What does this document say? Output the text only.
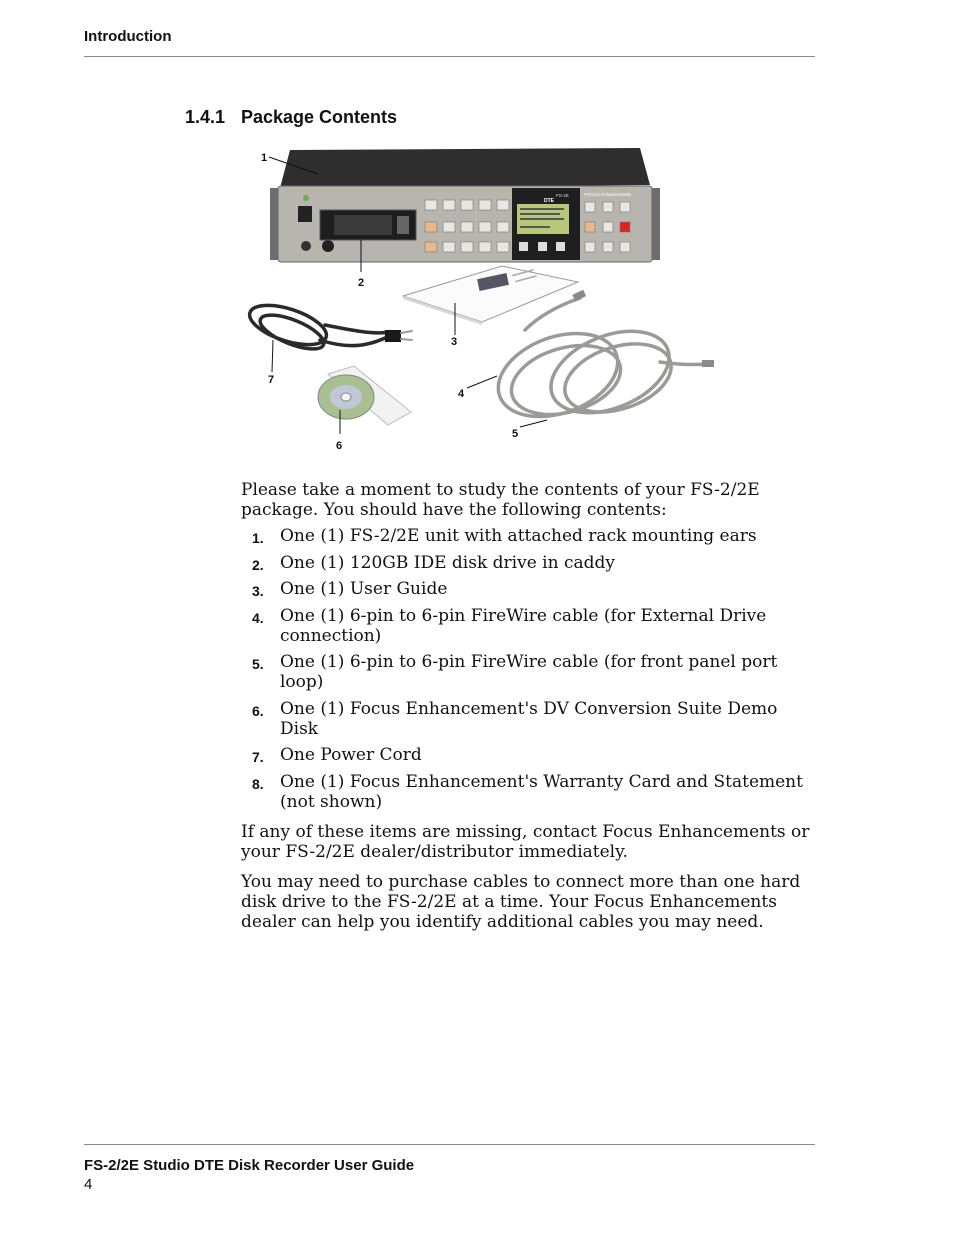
Introduction
1.4.1 Package Contents
FS-2E
DTE
FOCUS Enhancements
1
2
3
4
5
6
7

Please take a moment to study the contents of your FS-2/2E package. You should have the following contents:

1. One (1) FS-2/2E unit with attached rack mounting ears
2. One (1) 120GB IDE disk drive in caddy
3. One (1) User Guide
4. One (1) 6-pin to 6-pin FireWire cable (for External Drive connection)
5. One (1) 6-pin to 6-pin FireWire cable (for front panel port loop)
6. One (1) Focus Enhancement's DV Conversion Suite Demo Disk
7. One Power Cord
8. One (1) Focus Enhancement's Warranty Card and Statement (not shown)

If any of these items are missing, contact Focus Enhancements or your FS-2/2E dealer/distributor immediately.

You may need to purchase cables to connect more than one hard disk drive to the FS-2/2E at a time. Your Focus Enhancements dealer can help you identify additional cables you may need.

FS-2/2E Studio DTE Disk Recorder User Guide
4
